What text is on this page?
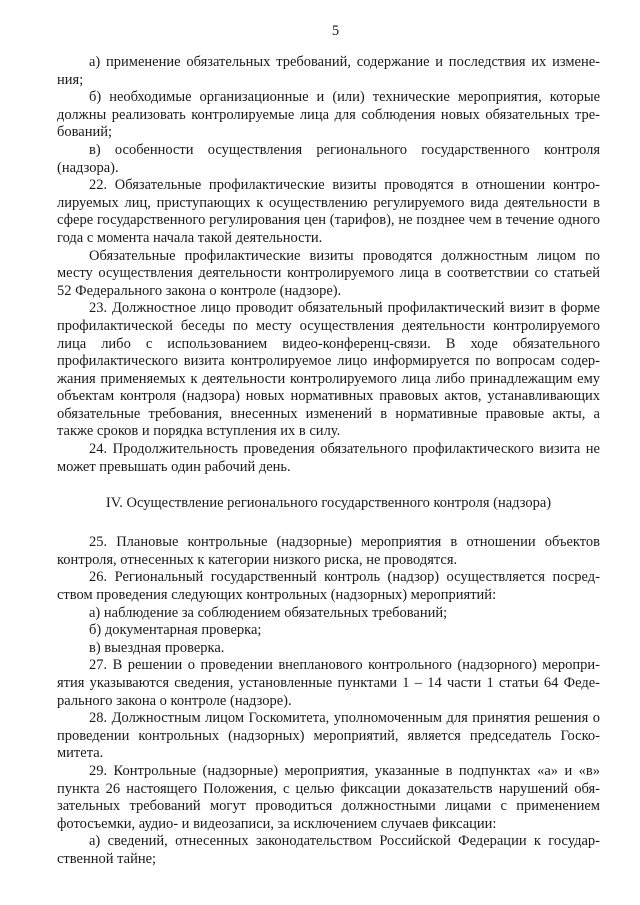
5

а) применение обязательных требований, содержание и последствия их изменения;

б) необходимые организационные и (или) технические мероприятия, которые должны реализовать контролируемые лица для соблюдения новых обязательных требований;

в) особенности осуществления регионального государственного контроля (надзора).

22. Обязательные профилактические визиты проводятся в отношении контролируемых лиц, приступающих к осуществлению регулируемого вида деятельности в сфере государственного регулирования цен (тарифов), не позднее чем в течение одного года с момента начала такой деятельности.

Обязательные профилактические визиты проводятся должностным лицом по месту осуществления деятельности контролируемого лица в соответствии со статьей 52 Федерального закона о контроле (надзоре).

23. Должностное лицо проводит обязательный профилактический визит в форме профилактической беседы по месту осуществления деятельности контролируемого лица либо с использованием видео-конференц-связи. В ходе обязательного профилактического визита контролируемое лицо информируется по вопросам содержания применяемых к деятельности контролируемого лица либо принадлежащим ему объектам контроля (надзора) новых нормативных правовых актов, устанавливающих обязательные требования, внесенных изменений в нормативные правовые акты, а также сроков и порядка вступления их в силу.

24. Продолжительность проведения обязательного профилактического визита не может превышать один рабочий день.

IV. Осуществление регионального государственного контроля (надзора)

25. Плановые контрольные (надзорные) мероприятия в отношении объектов контроля, отнесенных к категории низкого риска, не проводятся.

26. Региональный государственный контроль (надзор) осуществляется посредством проведения следующих контрольных (надзорных) мероприятий:

а) наблюдение за соблюдением обязательных требований;

б) документарная проверка;

в) выездная проверка.

27. В решении о проведении внепланового контрольного (надзорного) мероприятия указываются сведения, установленные пунктами 1 – 14 части 1 статьи 64 Федерального закона о контроле (надзоре).

28. Должностным лицом Госкомитета, уполномоченным для принятия решения о проведении контрольных (надзорных) мероприятий, является председатель Госкомитета.

29. Контрольные (надзорные) мероприятия, указанные в подпунктах «а» и «в» пункта 26 настоящего Положения, с целью фиксации доказательств нарушений обязательных требований могут проводиться должностными лицами с применением фотосъемки, аудио- и видеозаписи, за исключением случаев фиксации:

а) сведений, отнесенных законодательством Российской Федерации к государственной тайне;
